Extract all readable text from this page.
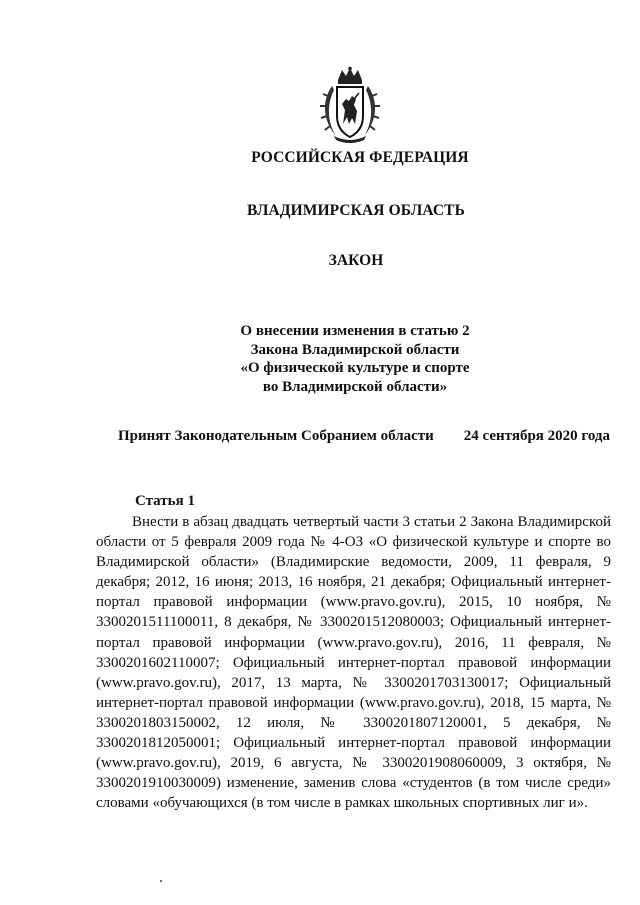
РОССИЙСКАЯ ФЕДЕРАЦИЯ
ВЛАДИМИРСКАЯ ОБЛАСТЬ
ЗАКОН
О внесении изменения в статью 2
Закона Владимирской области
«О физической культуре и спорте
во Владимирской области»
Принят Законодательным Собранием области 24 сентября 2020 года
Статья 1
Внести в абзац двадцать четвертый части 3 статьи 2 Закона Владимирской области от 5 февраля 2009 года № 4-ОЗ «О физической культуре и спорте во Владимирской области» (Владимирские ведомости, 2009, 11 февраля, 9 декабря; 2012, 16 июня; 2013, 16 ноября, 21 декабря; Официальный интернет-портал правовой информации (www.pravo.gov.ru), 2015, 10 ноября, № 3300201511100011, 8 декабря, № 3300201512080003; Официальный интернет-портал правовой информации (www.pravo.gov.ru), 2016, 11 февраля, № 3300201602110007; Официальный интернет-портал правовой информации (www.pravo.gov.ru), 2017, 13 марта, № 3300201703130017; Официальный интернет-портал правовой информации (www.pravo.gov.ru), 2018, 15 марта, № 3300201803150002, 12 июля, № 3300201807120001, 5 декабря, № 3300201812050001; Официальный интернет-портал правовой информации (www.pravo.gov.ru), 2019, 6 августа, № 3300201908060009, 3 октября, № 3300201910030009) изменение, заменив слова «студентов (в том числе среди» словами «обучающихся (в том числе в рамках школьных спортивных лиг и».
